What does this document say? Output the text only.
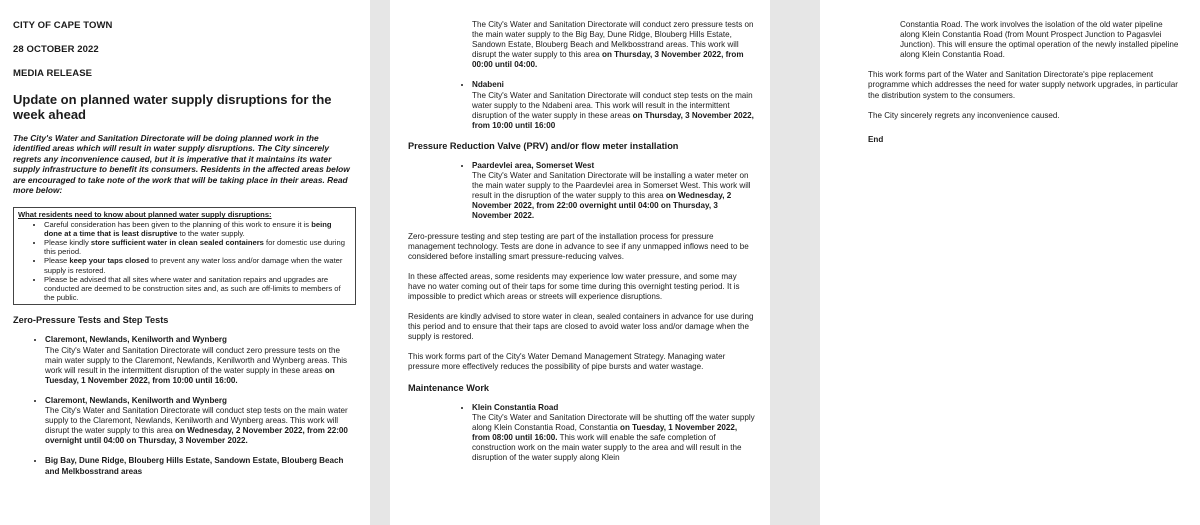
CITY OF CAPE TOWN
28 OCTOBER 2022
MEDIA RELEASE
Update on planned water supply disruptions for the week ahead
The City's Water and Sanitation Directorate will be doing planned work in the identified areas which will result in water supply disruptions. The City sincerely regrets any inconvenience caused, but it is imperative that it maintains its water supply infrastructure to benefit its consumers. Residents in the affected areas below are encouraged to take note of the work that will be taking place in their areas. Read more below:
What residents need to know about planned water supply disruptions:
• Careful consideration has been given to the planning of this work to ensure it is being done at a time that is least disruptive to the water supply.
• Please kindly store sufficient water in clean sealed containers for domestic use during this period.
• Please keep your taps closed to prevent any water loss and/or damage when the water supply is restored.
• Please be advised that all sites where water and sanitation repairs and upgrades are conducted are deemed to be construction sites and, as such are off-limits to members of the public.
Zero-Pressure Tests and Step Tests
• Claremont, Newlands, Kenilworth and Wynberg
The City's Water and Sanitation Directorate will conduct zero pressure tests on the main water supply to the Claremont, Newlands, Kenilworth and Wynberg areas. This work will result in the intermittent disruption of the water supply in these areas on Tuesday, 1 November 2022, from 10:00 until 16:00.
• Claremont, Newlands, Kenilworth and Wynberg
The City's Water and Sanitation Directorate will conduct step tests on the main water supply to the Claremont, Newlands, Kenilworth and Wynberg areas. This work will disrupt the water supply to this area on Wednesday, 2 November 2022, from 22:00 overnight until 04:00 on Thursday, 3 November 2022.
• Big Bay, Dune Ridge, Blouberg Hills Estate, Sandown Estate, Blouberg Beach and Melkbosstrand areas
The City's Water and Sanitation Directorate will conduct zero pressure tests on the main water supply to the Big Bay, Dune Ridge, Blouberg Hills Estate, Sandown Estate, Blouberg Beach and Melkbosstrand areas. This work will disrupt the water supply to this area on Thursday, 3 November 2022, from 00:00 until 04:00.
• Ndabeni
The City's Water and Sanitation Directorate will conduct step tests on the main water supply to the Ndabeni area. This work will result in the intermittent disruption of the water supply in these areas on Thursday, 3 November 2022, from 10:00 until 16:00
Pressure Reduction Valve (PRV) and/or flow meter installation
• Paardevlei area, Somerset West
The City's Water and Sanitation Directorate will be installing a water meter on the main water supply to the Paardevlei area in Somerset West. This work will result in the disruption of the water supply to this area on Wednesday, 2 November 2022, from 22:00 overnight until 04:00 on Thursday, 3 November 2022.
Zero-pressure testing and step testing are part of the installation process for pressure management technology. Tests are done in advance to see if any unmapped inflows need to be considered before installing smart pressure-reducing valves.
In these affected areas, some residents may experience low water pressure, and some may have no water coming out of their taps for some time during this overnight testing period. It is impossible to predict which areas or streets will experience disruptions.
Residents are kindly advised to store water in clean, sealed containers in advance for use during this period and to ensure that their taps are closed to avoid water loss and/or damage when the supply is restored.
This work forms part of the City's Water Demand Management Strategy. Managing water pressure more effectively reduces the possibility of pipe bursts and water wastage.
Maintenance Work
• Klein Constantia Road
The City's Water and Sanitation Directorate will be shutting off the water supply along Klein Constantia Road, Constantia on Tuesday, 1 November 2022, from 08:00 until 16:00. This work will enable the safe completion of construction work on the main water supply to the area and will result in the disruption of the water supply along Klein
Constantia Road. The work involves the isolation of the old water pipeline along Klein Constantia Road (from Mount Prospect Junction to Pagasvlei Junction). This will ensure the optimal operation of the newly installed pipeline along Klein Constantia Road.
This work forms part of the Water and Sanitation Directorate's pipe replacement programme which addresses the need for water supply network upgrades, in particular the distribution system to the consumers.
The City sincerely regrets any inconvenience caused.
End
